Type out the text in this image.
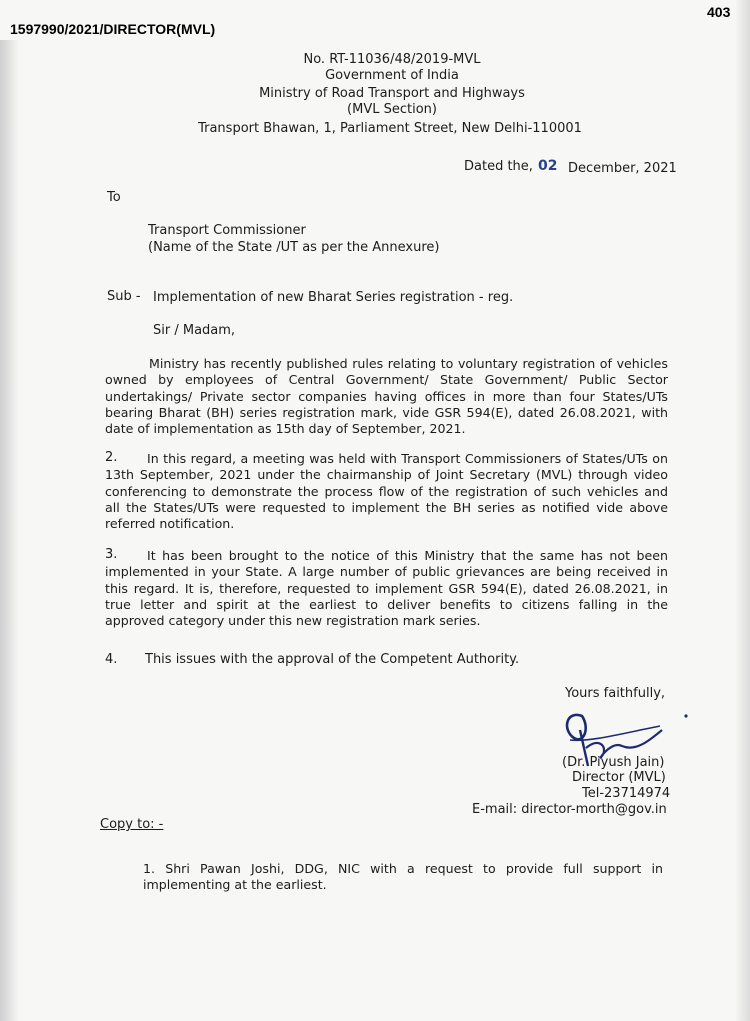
1597990/2021/DIRECTOR(MVL)
403
No. RT-11036/48/2019-MVL
Government of India
Ministry of Road Transport and Highways
(MVL Section)
Transport Bhawan, 1, Parliament Street, New Delhi-110001
Dated the, 02 December, 2021
To
Transport Commissioner
(Name of the State /UT as per the Annexure)
Sub - Implementation of new Bharat Series registration - reg.
Sir / Madam,
Ministry has recently published rules relating to voluntary registration of vehicles
owned by employees of Central Government/ State Government/ Public Sector
undertakings/ Private sector companies having offices in more than four States/UTs
bearing Bharat (BH) series registration mark, vide GSR 594(E), dated 26.08.2021, with
date of implementation as 15th day of September, 2021.
2.	In this regard, a meeting was held with Transport Commissioners of States/UTs on
13th September, 2021 under the chairmanship of Joint Secretary (MVL) through video
conferencing to demonstrate the process flow of the registration of such vehicles and
all the States/UTs were requested to implement the BH series as notified vide above
referred notification.
3.	It has been brought to the notice of this Ministry that the same has not been
implemented in your State. A large number of public grievances are being received in
this regard. It is, therefore, requested to implement GSR 594(E), dated 26.08.2021, in
true letter and spirit at the earliest to deliver benefits to citizens falling in the
approved category under this new registration mark series.
4. This issues with the approval of the Competent Authority.
Yours faithfully,
(Dr. Piyush Jain)
Director (MVL)
Tel-23714974
E-mail: director-morth@gov.in
Copy to: -
1. Shri Pawan Joshi, DDG, NIC with a request to provide full support in
implementing at the earliest.
